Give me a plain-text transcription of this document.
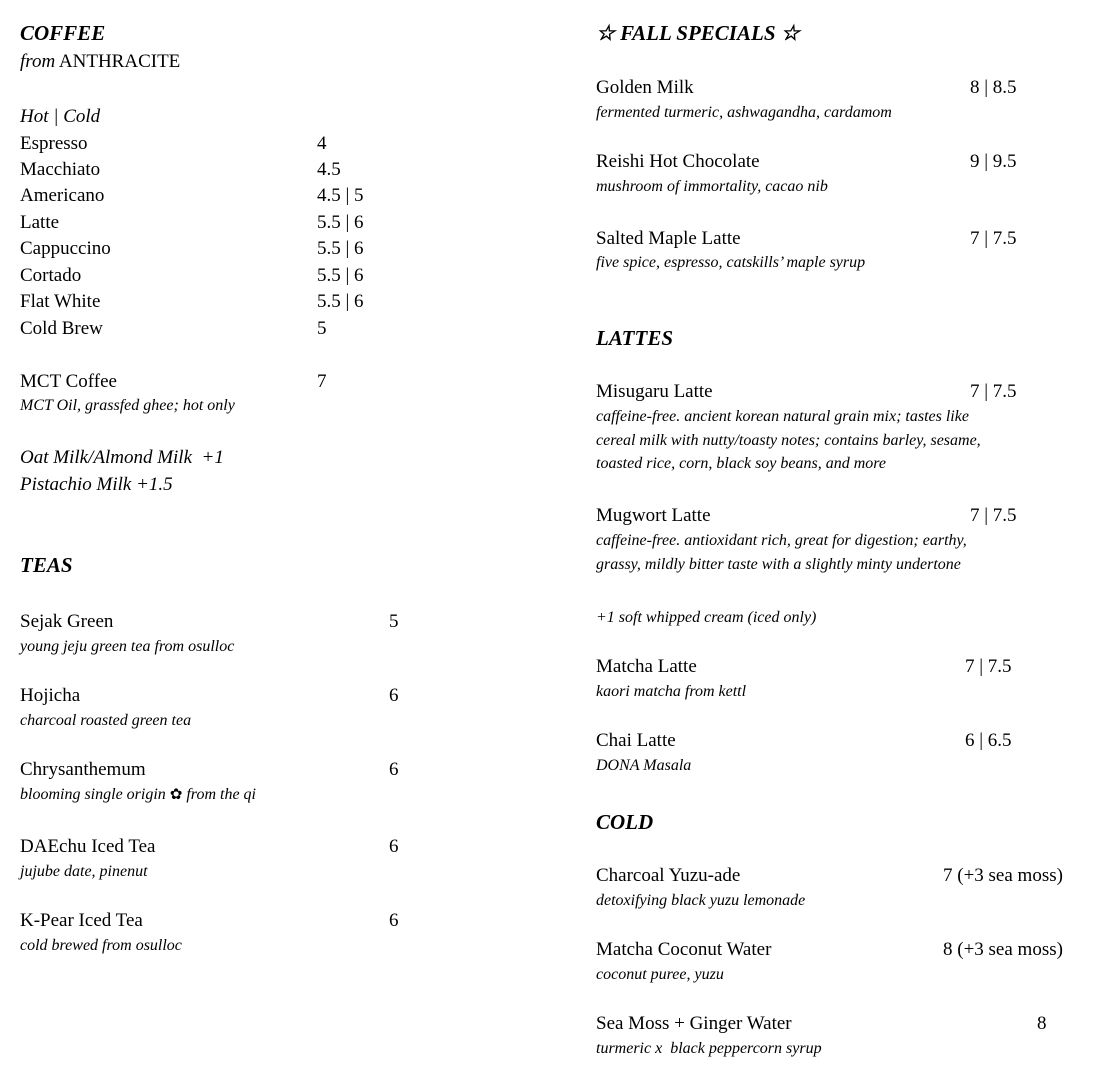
COFFEE
from ANTHRACITE
Hot | Cold
Espresso	4
Macchiato	4.5
Americano	4.5 | 5
Latte	5.5 | 6
Cappuccino	5.5 | 6
Cortado	5.5 | 6
Flat White	5.5 | 6
Cold Brew	5
MCT Coffee	7
MCT Oil, grassfed ghee; hot only
Oat Milk/Almond Milk  +1
Pistachio Milk +1.5
TEAS
Sejak Green	5
young jeju green tea from osulloc
Hojicha	6
charcoal roasted green tea
Chrysanthemum	6
blooming single origin ✿ from the qi
DAEchu Iced Tea	6
jujube date, pinenut
K-Pear Iced Tea	6
cold brewed from osulloc
☆ FALL SPECIALS ☆
Golden Milk	8 | 8.5
fermented turmeric, ashwagandha, cardamom
Reishi Hot Chocolate	9 | 9.5
mushroom of immortality, cacao nib
Salted Maple Latte	7 | 7.5
five spice, espresso, catskills’ maple syrup
LATTES
Misugaru Latte	7 | 7.5
caffeine-free. ancient korean natural grain mix; tastes like
cereal milk with nutty/toasty notes; contains barley, sesame,
toasted rice, corn, black soy beans, and more
Mugwort Latte	7 | 7.5
caffeine-free. antioxidant rich, great for digestion; earthy,
grassy, mildly bitter taste with a slightly minty undertone
+1 soft whipped cream (iced only)
Matcha Latte	7 | 7.5
kaori matcha from kettl
Chai Latte	6 | 6.5
DONA Masala
COLD
Charcoal Yuzu-ade	7 (+3 sea moss)
detoxifying black yuzu lemonade
Matcha Coconut Water	8 (+3 sea moss)
coconut puree, yuzu
Sea Moss + Ginger Water	8
turmeric x  black peppercorn syrup
